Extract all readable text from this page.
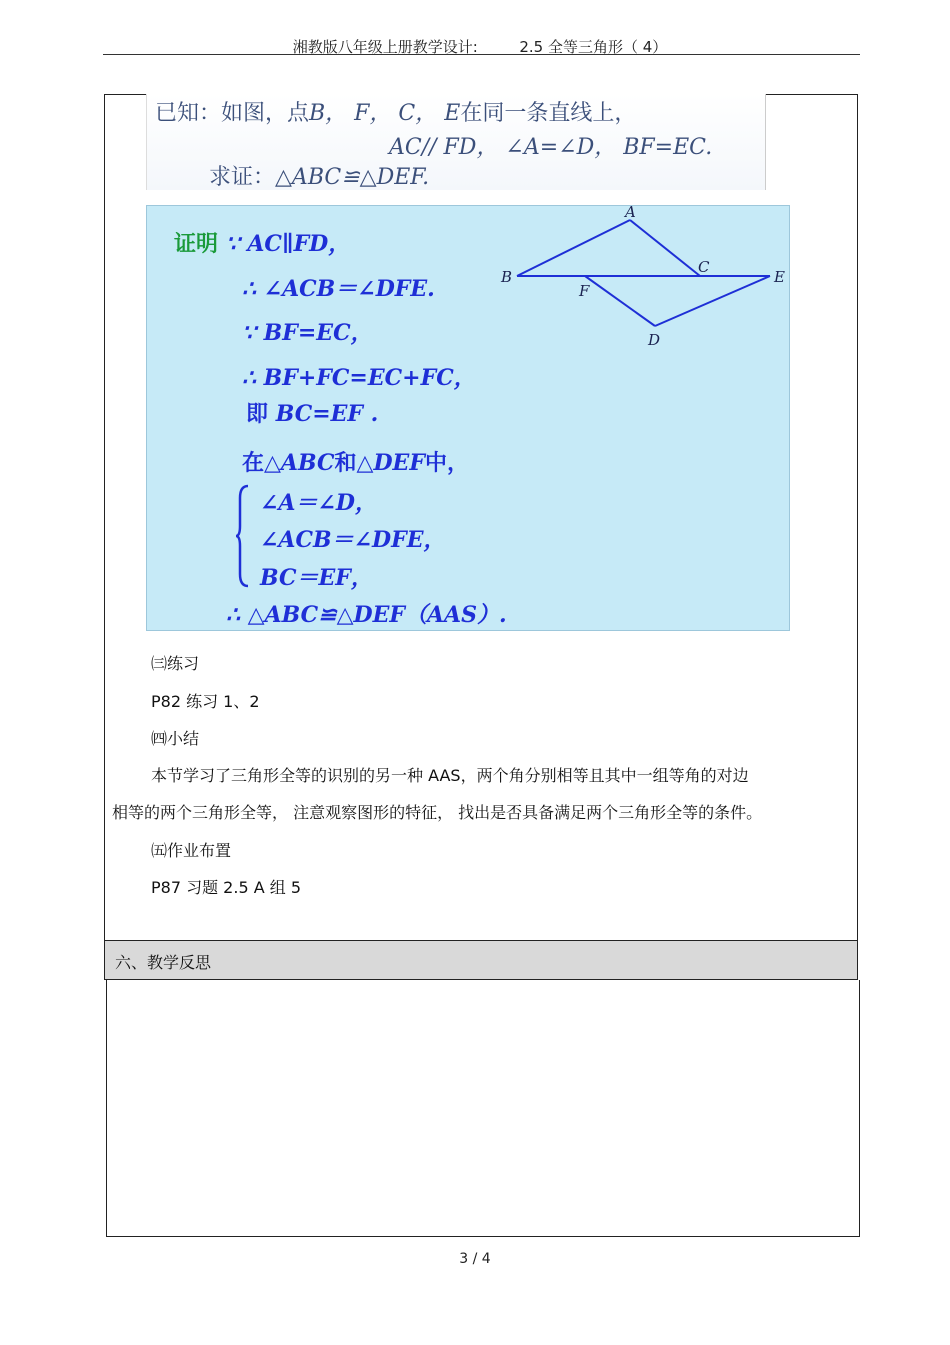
湘教版八年级上册教学设计:	2.5 全等三角形（ 4）
已知：如图，点B， F， C， E在同一条直线上，
AC// FD， ∠A=∠D， BF=EC.
求证：△ABC≌△DEF.
证明 ∵ AC∥FD，
∴ ∠ACB＝∠DFE.
∵ BF=EC，
∴ BF+FC=EC+FC，
即 BC=EF .
在△ABC和△DEF中，
∠A＝∠D，
∠ACB＝∠DFE，
BC＝EF，
∴ △ABC≌△DEF（AAS）.
A
B
C
D
E
F
㈢练习
P82 练习 1、2
㈣小结
本节学习了三角形全等的识别的另一种 AAS，两个角分别相等且其中一组等角的对边
相等的两个三角形全等， 注意观察图形的特征， 找出是否具备满足两个三角形全等的条件。
㈤作业布置
P87 习题 2.5 A 组 5
六、教学反思
3 / 4
